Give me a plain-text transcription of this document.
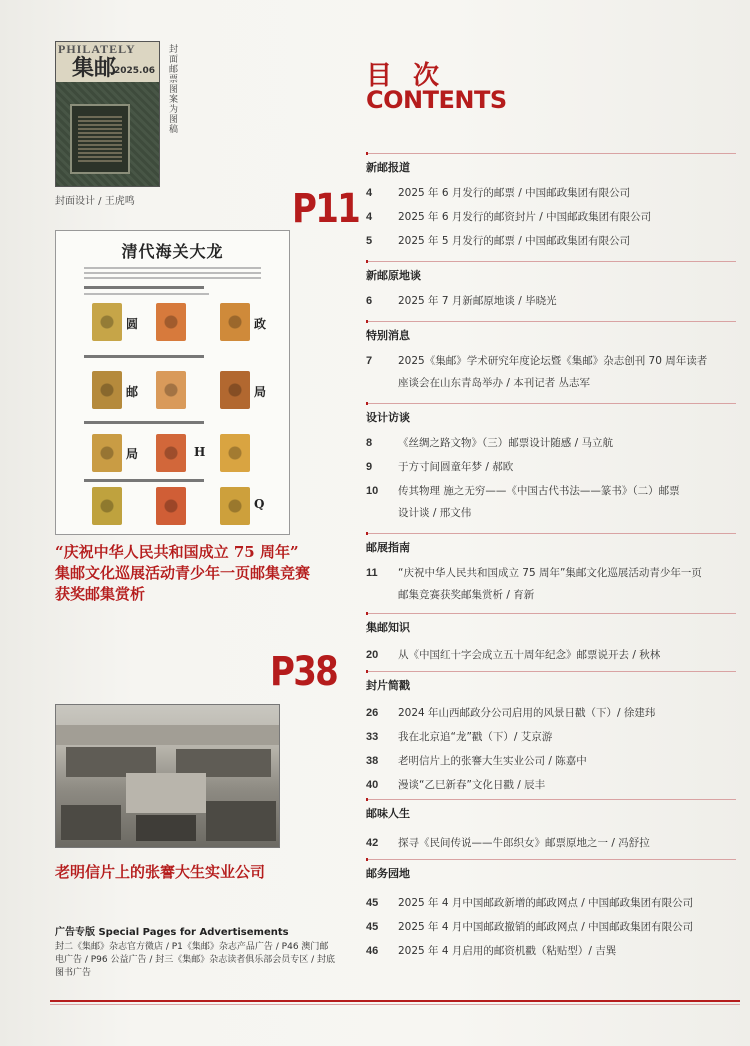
PHILATELY
集邮
2025.06 封面邮票图案为图稿
封面设计 / 王虎鸣	P11
清代海关大龙
圆	政
邮	局
局	H
Q
“庆祝中华人民共和国成立 75 周年”
集邮文化巡展活动青少年一页邮集竞赛
获奖邮集赏析
P38
老明信片上的张謇大生实业公司
广告专版 Special Pages for Advertisements
封二《集邮》杂志官方微店 / P1《集邮》杂志产品广告 / P46 澳门邮电广告 / P96 公益广告 / 封三《集邮》杂志读者俱乐部会员专区 / 封底 图书广告
目 次
CONTENTS
新邮报道
4 2025 年 6 月发行的邮票 / 中国邮政集团有限公司
4 2025 年 6 月发行的邮资封片 / 中国邮政集团有限公司
5 2025 年 5 月发行的邮票 / 中国邮政集团有限公司
新邮原地谈
6 2025 年 7 月新邮原地谈 / 毕晓光
特别消息
7 2025《集邮》学术研究年度论坛暨《集邮》杂志创刊 70 周年读者
座谈会在山东青岛举办 / 本刊记者 丛志军
设计访谈
8 《丝绸之路文物》（三）邮票设计随感 / 马立航
9 于方寸间圆童年梦 / 郝欧
10 传其物理 施之无穷——《中国古代书法——篆书》（二）邮票
设计谈 / 邢文伟
邮展指南
11 “庆祝中华人民共和国成立 75 周年”集邮文化巡展活动青少年一页
邮集竞赛获奖邮集赏析 / 育新
集邮知识
20 从《中国红十字会成立五十周年纪念》邮票说开去 / 秋林
封片简戳
26 2024 年山西邮政分公司启用的风景日戳（下）/ 徐建玮
33 我在北京追“龙”戳（下）/ 艾京游
38 老明信片上的张謇大生实业公司 / 陈嘉中
40 漫谈“乙巳新春”文化日戳 / 辰丰
邮味人生
42 探寻《民间传说——牛郎织女》邮票原地之一 / 冯舒拉
邮务园地
45 2025 年 4 月中国邮政新增的邮政网点 / 中国邮政集团有限公司
45 2025 年 4 月中国邮政撤销的邮政网点 / 中国邮政集团有限公司
46 2025 年 4 月启用的邮资机戳（粘贴型）/ 吉巽
